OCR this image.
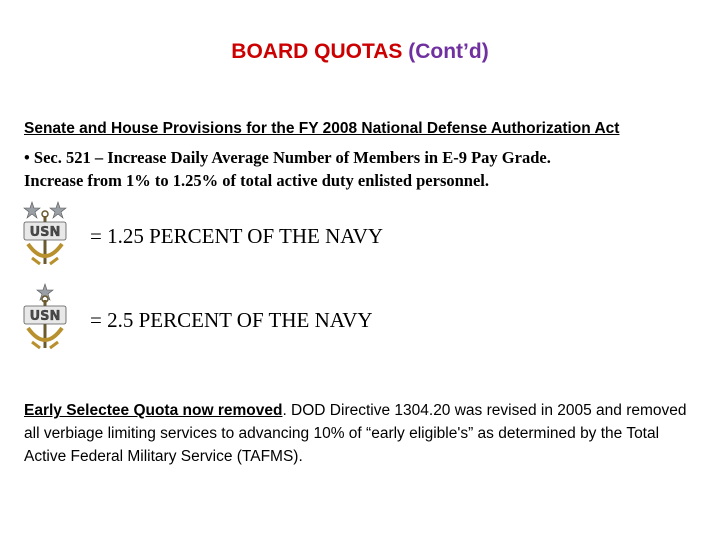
BOARD QUOTAS (Cont’d)
Senate and House Provisions for the FY 2008 National Defense Authorization Act
• Sec. 521 – Increase Daily Average Number of Members in E-9 Pay Grade.
Increase from 1% to 1.25% of total active duty enlisted personnel.
USN = 1.25 PERCENT OF THE NAVY
USN = 2.5 PERCENT OF THE NAVY
Early Selectee Quota now removed. DOD Directive 1304.20 was revised in 2005 and removed all verbiage limiting services to advancing 10% of “early eligible's” as determined by the Total Active Federal Military Service (TAFMS).
